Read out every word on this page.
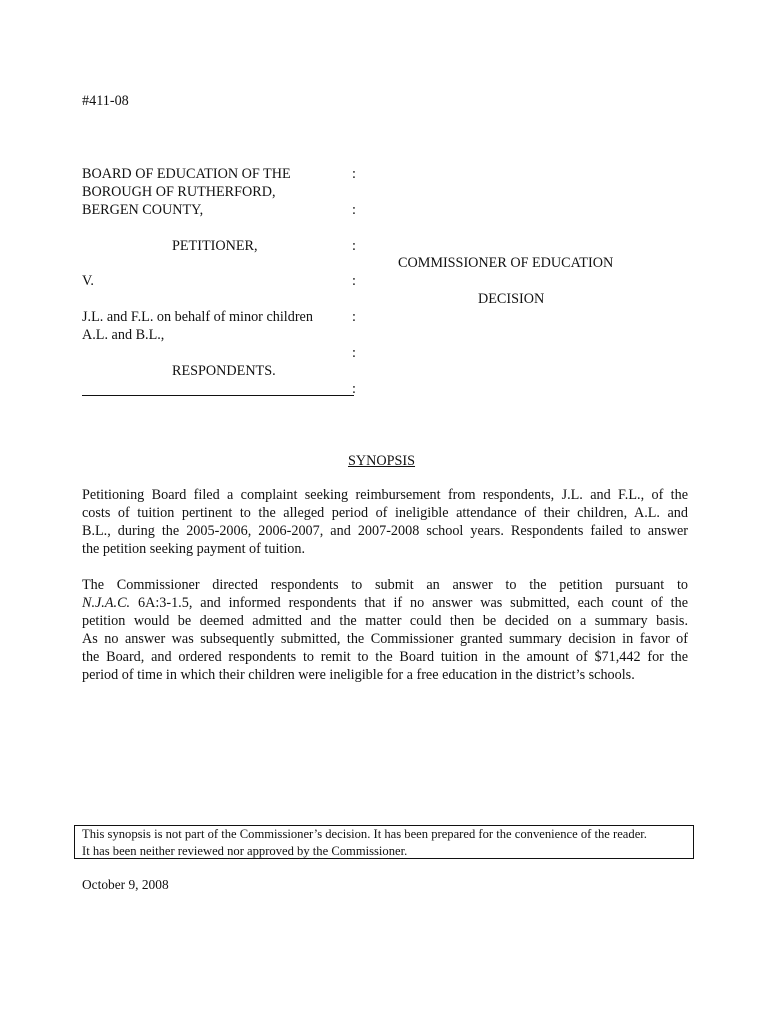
#411-08
BOARD OF EDUCATION OF THE
BOROUGH OF RUTHERFORD,
BERGEN COUNTY,
PETITIONER,
V.
J.L. and F.L. on behalf of minor children
A.L. and B.L.,
RESPONDENTS.
:
:
:
:
:
:
:
COMMISSIONER OF EDUCATION
DECISION
SYNOPSIS
Petitioning Board filed a complaint seeking reimbursement from respondents, J.L. and F.L., of the
costs of tuition pertinent to the alleged period of ineligible attendance of their children, A.L. and
B.L., during the 2005-2006, 2006-2007, and 2007-2008 school years. Respondents failed to answer
the petition seeking payment of tuition.
The Commissioner directed respondents to submit an answer to the petition pursuant to
N.J.A.C. 6A:3-1.5, and informed respondents that if no answer was submitted, each count of the
petition would be deemed admitted and the matter could then be decided on a summary basis.
As no answer was subsequently submitted, the Commissioner granted summary decision in favor of
the Board, and ordered respondents to remit to the Board tuition in the amount of $71,442 for the
period of time in which their children were ineligible for a free education in the district’s schools.
This synopsis is not part of the Commissioner’s decision. It has been prepared for the convenience of the reader.
It has been neither reviewed nor approved by the Commissioner.
October 9, 2008
